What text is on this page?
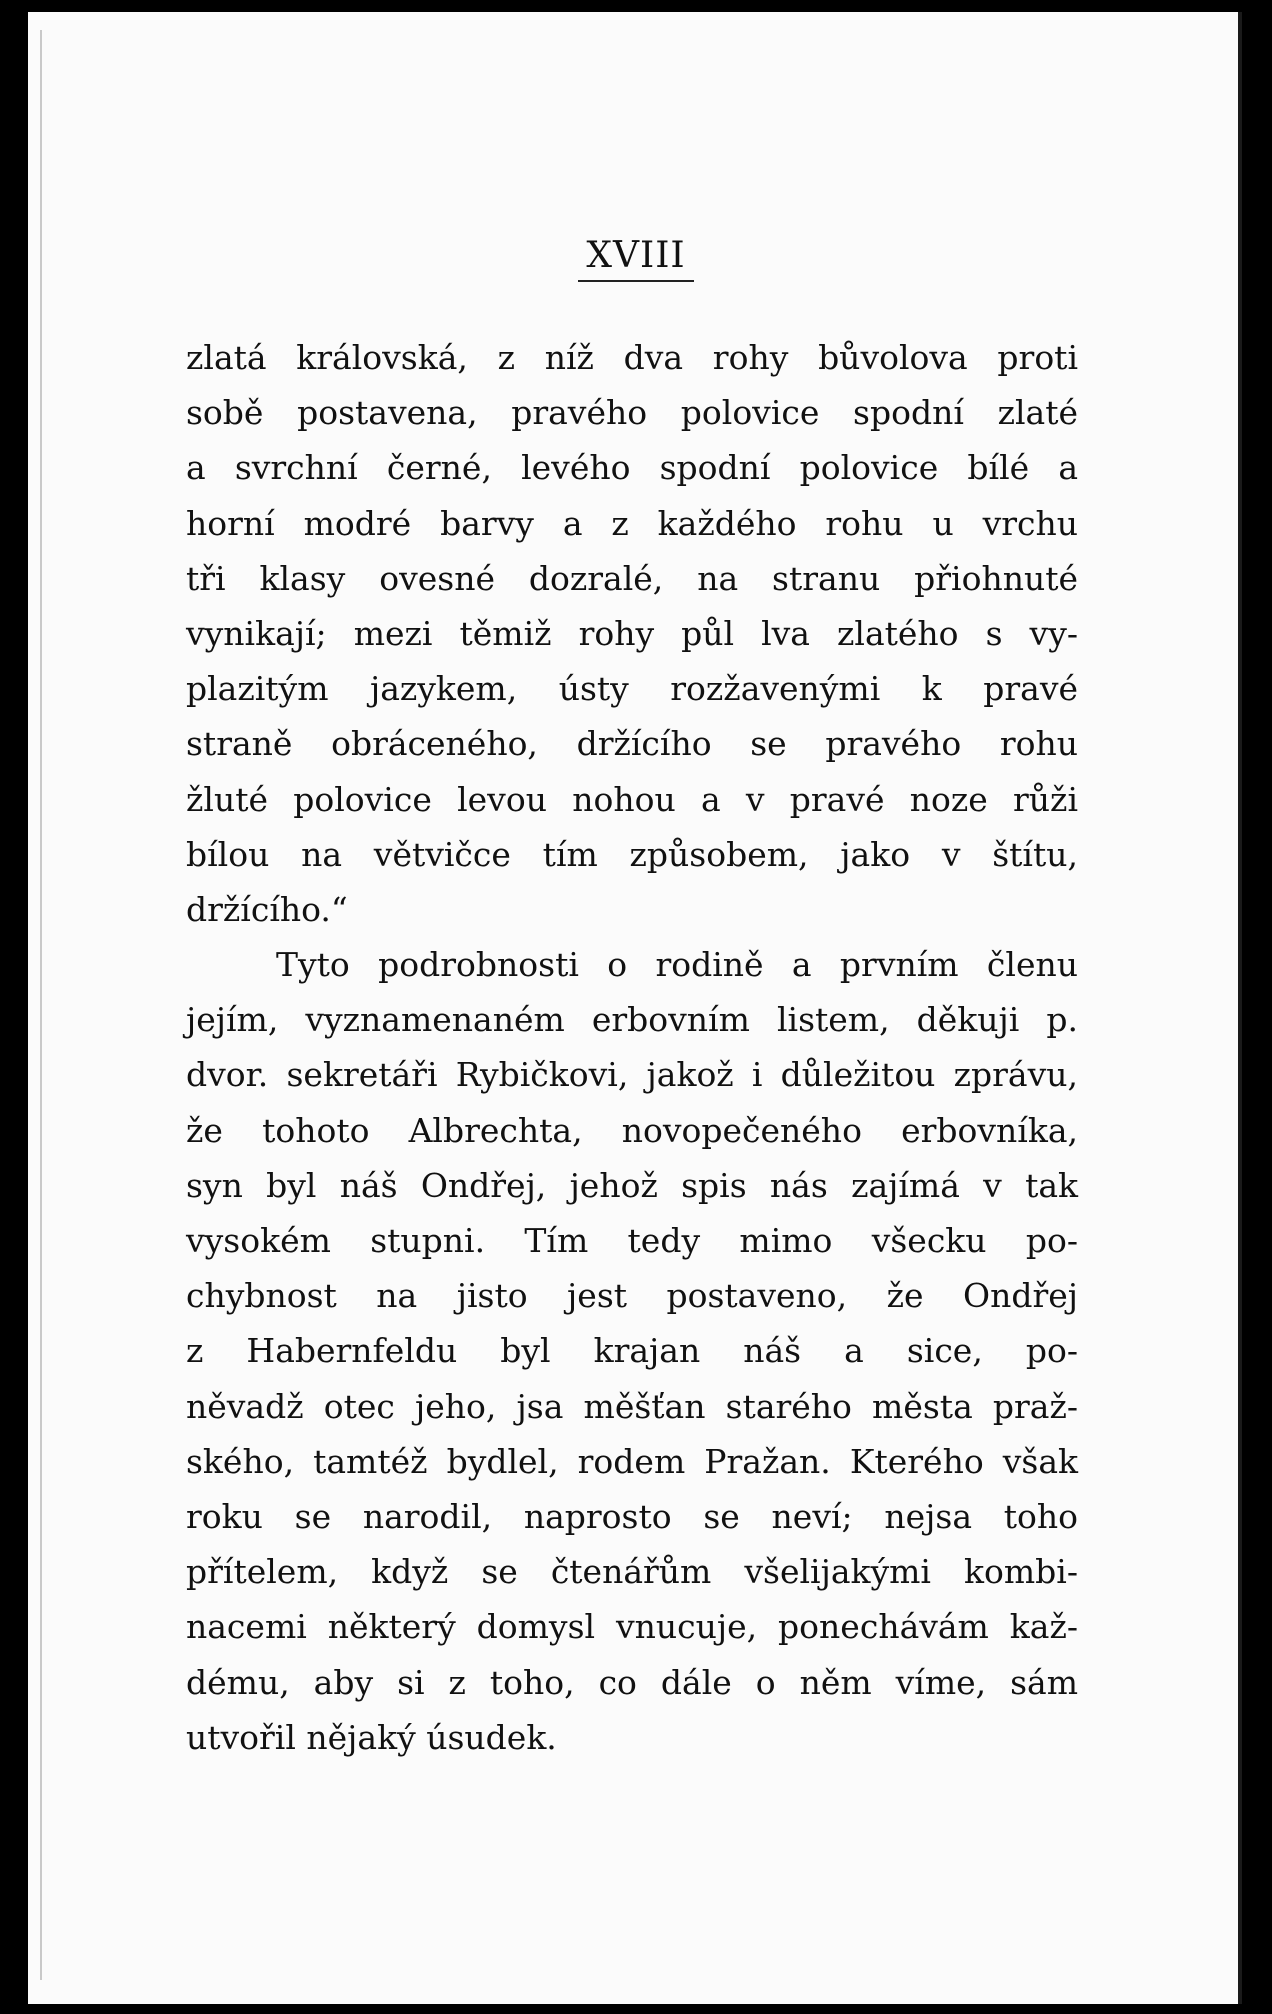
XVIII
zlatá královská, z níž dva rohy bůvolova proti
sobě postavena, pravého polovice spodní zlaté
a svrchní černé, levého spodní polovice bílé a
horní modré barvy a z každého rohu u vrchu
tři klasy ovesné dozralé, na stranu přiohnuté
vynikají; mezi těmiž rohy půl lva zlatého s vy-
plazitým jazykem, ústy rozžavenými k pravé
straně obráceného, držícího se pravého rohu
žluté polovice levou nohou a v pravé noze růži
bílou na větvičce tím způsobem, jako v štítu,
držícího.“
Tyto podrobnosti o rodině a prvním členu
jejím, vyznamenaném erbovním listem, děkuji p.
dvor. sekretáři Rybičkovi, jakož i důležitou zprávu,
že tohoto Albrechta, novopečeného erbovníka,
syn byl náš Ondřej, jehož spis nás zajímá v tak
vysokém stupni. Tím tedy mimo všecku po-
chybnost na jisto jest postaveno, že Ondřej
z Habernfeldu byl krajan náš a sice, po-
něvadž otec jeho, jsa měšťan starého města praž-
ského, tamtéž bydlel, rodem Pražan. Kterého však
roku se narodil, naprosto se neví; nejsa toho
přítelem, když se čtenářům všelijakými kombi-
nacemi některý domysl vnucuje, ponechávám kaž-
dému, aby si z toho, co dále o něm víme, sám
utvořil nějaký úsudek.
